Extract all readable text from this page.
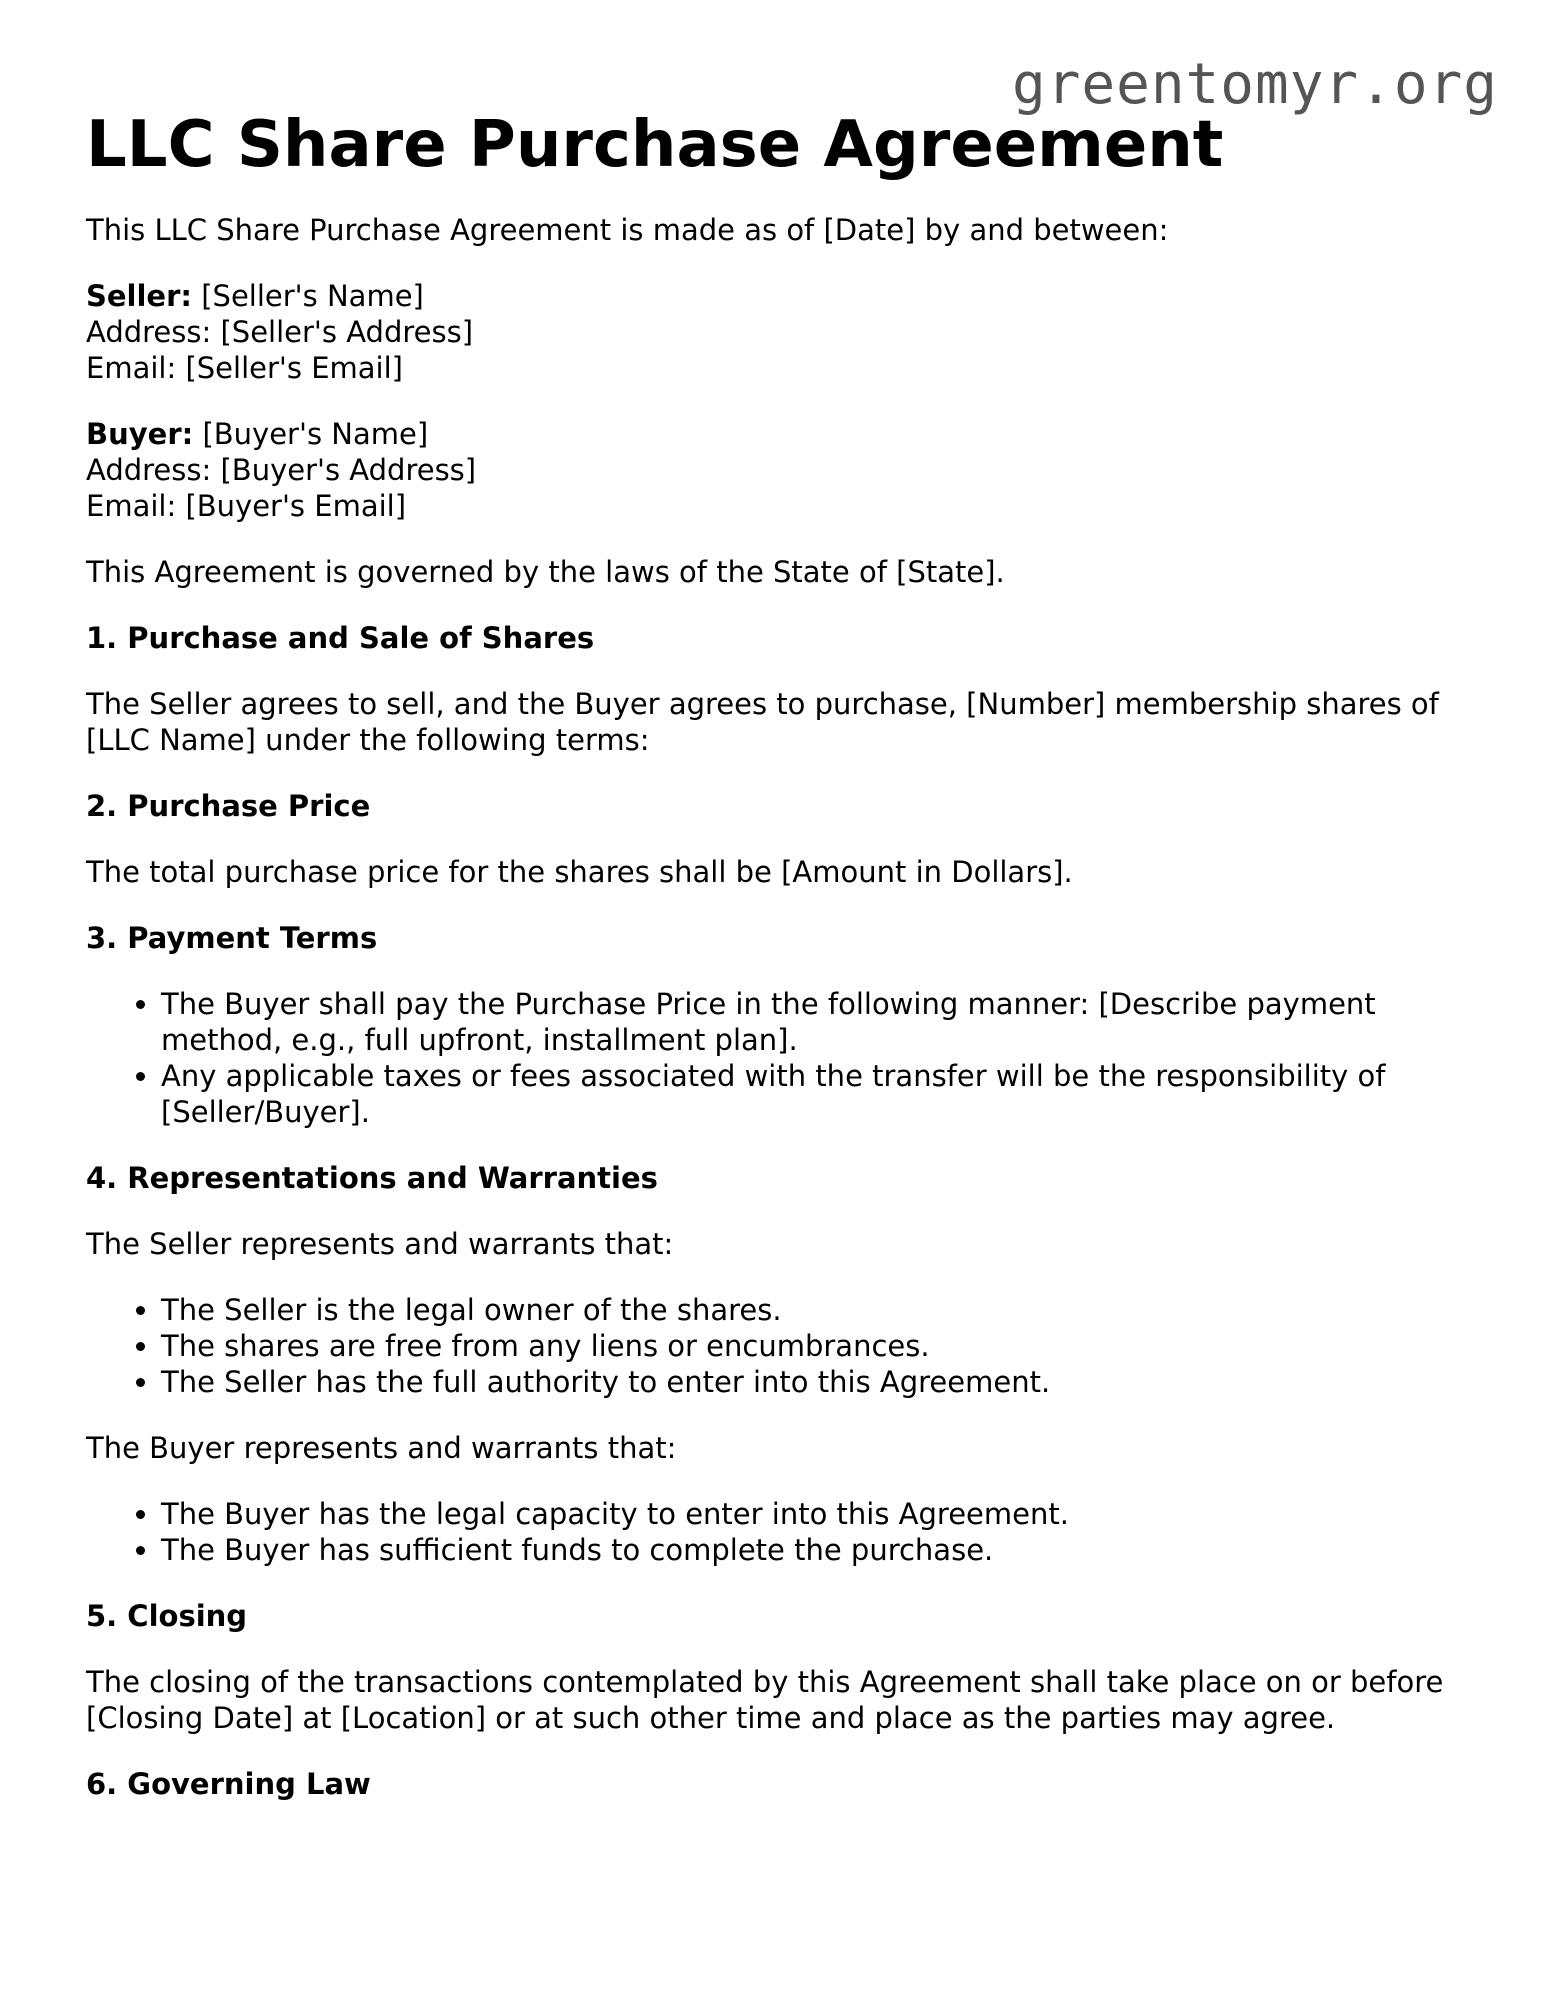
greentomyr.org
LLC Share Purchase Agreement

This LLC Share Purchase Agreement is made as of [Date] by and between:

Seller: [Seller's Name]
Address: [Seller's Address]
Email: [Seller's Email]
Buyer: [Buyer's Name]
Address: [Buyer's Address]
Email: [Buyer's Email]

This Agreement is governed by the laws of the State of [State].

1. Purchase and Sale of Shares

The Seller agrees to sell, and the Buyer agrees to purchase, [Number] membership shares of [LLC Name] under the following terms:

2. Purchase Price

The total purchase price for the shares shall be [Amount in Dollars].

3. Payment Terms
• The Buyer shall pay the Purchase Price in the following manner: [Describe payment method, e.g., full upfront, installment plan].
• Any applicable taxes or fees associated with the transfer will be the responsibility of [Seller/Buyer].
4. Representations and Warranties

The Seller represents and warrants that:

• The Seller is the legal owner of the shares.
• The shares are free from any liens or encumbrances.
• The Seller has the full authority to enter into this Agreement.

The Buyer represents and warrants that:

• The Buyer has the legal capacity to enter into this Agreement.
• The Buyer has sufficient funds to complete the purchase.
5. Closing

The closing of the transactions contemplated by this Agreement shall take place on or before [Closing Date] at [Location] or at such other time and place as the parties may agree.

6. Governing Law
